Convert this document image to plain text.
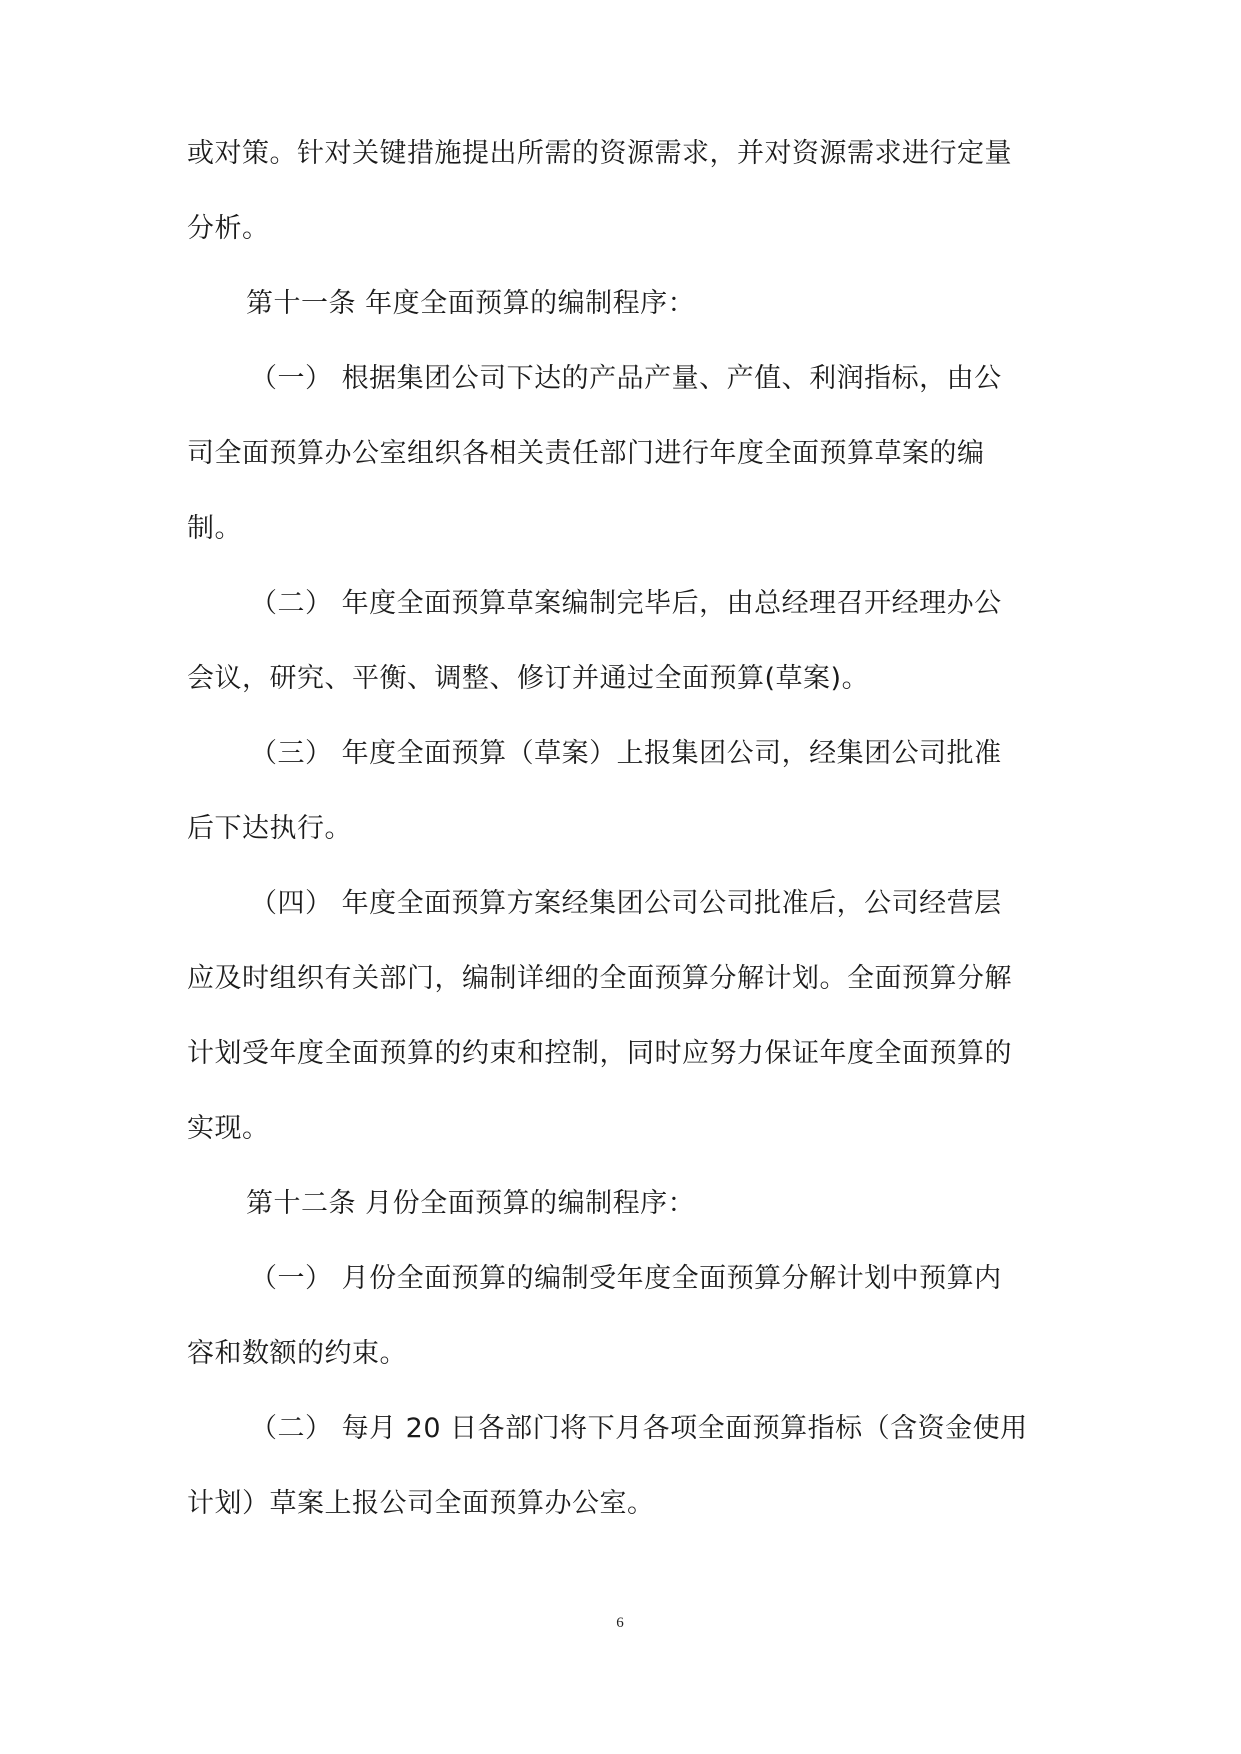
或对策。针对关键措施提出所需的资源需求，并对资源需求进行定量
分析。
第十一条 年度全面预算的编制程序：
（一） 根据集团公司下达的产品产量、产值、利润指标，由公
司全面预算办公室组织各相关责任部门进行年度全面预算草案的编
制。
（二） 年度全面预算草案编制完毕后，由总经理召开经理办公
会议，研究、平衡、调整、修订并通过全面预算(草案)。
（三） 年度全面预算（草案）上报集团公司，经集团公司批准
后下达执行。
（四） 年度全面预算方案经集团公司公司批准后，公司经营层
应及时组织有关部门，编制详细的全面预算分解计划。全面预算分解
计划受年度全面预算的约束和控制，同时应努力保证年度全面预算的
实现。
第十二条 月份全面预算的编制程序：
（一） 月份全面预算的编制受年度全面预算分解计划中预算内
容和数额的约束。
（二） 每月 20 日各部门将下月各项全面预算指标（含资金使用
计划）草案上报公司全面预算办公室。
6
